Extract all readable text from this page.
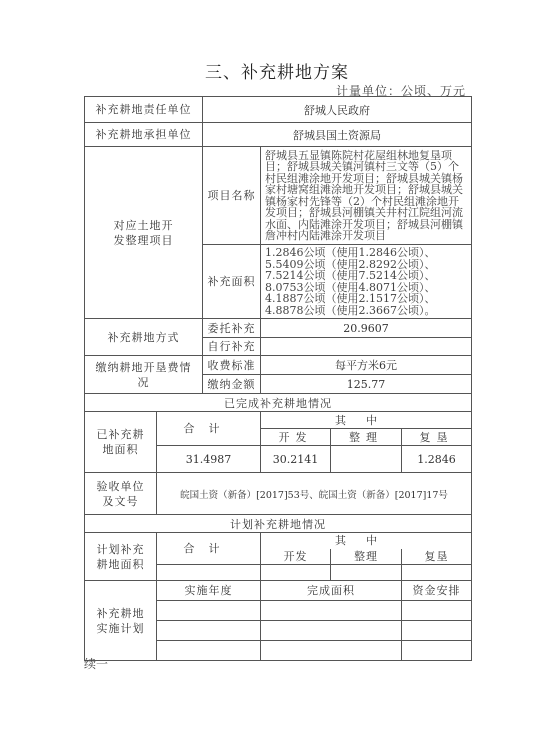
三、补充耕地方案
计量单位：公顷、万元
补充耕地责任单位		舒城人民政府			
补充耕地承担单位		舒城县国土资源局			
对应土地开发整理项目		项目名称	舒城县五显镇陈院村花屋组林地复垦项目；舒城县城关镇河镇村三文等（5）个村民组滩涂地开发项目；舒城县城关镇杨家村塘窝组滩涂地开发项目；舒城县城关镇杨家村先锋等（2）个村民组滩涂地开发项目；舒城县河棚镇关井村江院组河流水面、内陆滩涂开发项目；舒城县河棚镇詹冲村内陆滩涂开发项目		
		补充面积	1.2846公顷（使用1.2846公顷）、5.5409公顷（使用2.8292公顷）、7.5214公顷（使用7.5214公顷）、8.0753公顷（使用4.8071公顷）、4.1887公顷（使用2.1517公顷）、4.8878公顷（使用2.3667公顷）。		
补充耕地方式		委托补充	20.9607		
		自行补充			
缴纳耕地开垦费情况		收费标准	每平方米6元		
		缴纳金额	125.77		
已完成补充耕地情况					
已补充耕地面积	合计		其中		
			开发	整理	复垦
	31.4987		30.2141		1.2846
验收单位及文号	皖国土资（新备）[2017]53号、皖国土资（新备）[2017]17号				
计划补充耕地情况					
计划补充耕地面积	合计		其中		
			开发	整理	复垦

补充耕地实施计划	实施年度		完成面积		资金安排

续一
